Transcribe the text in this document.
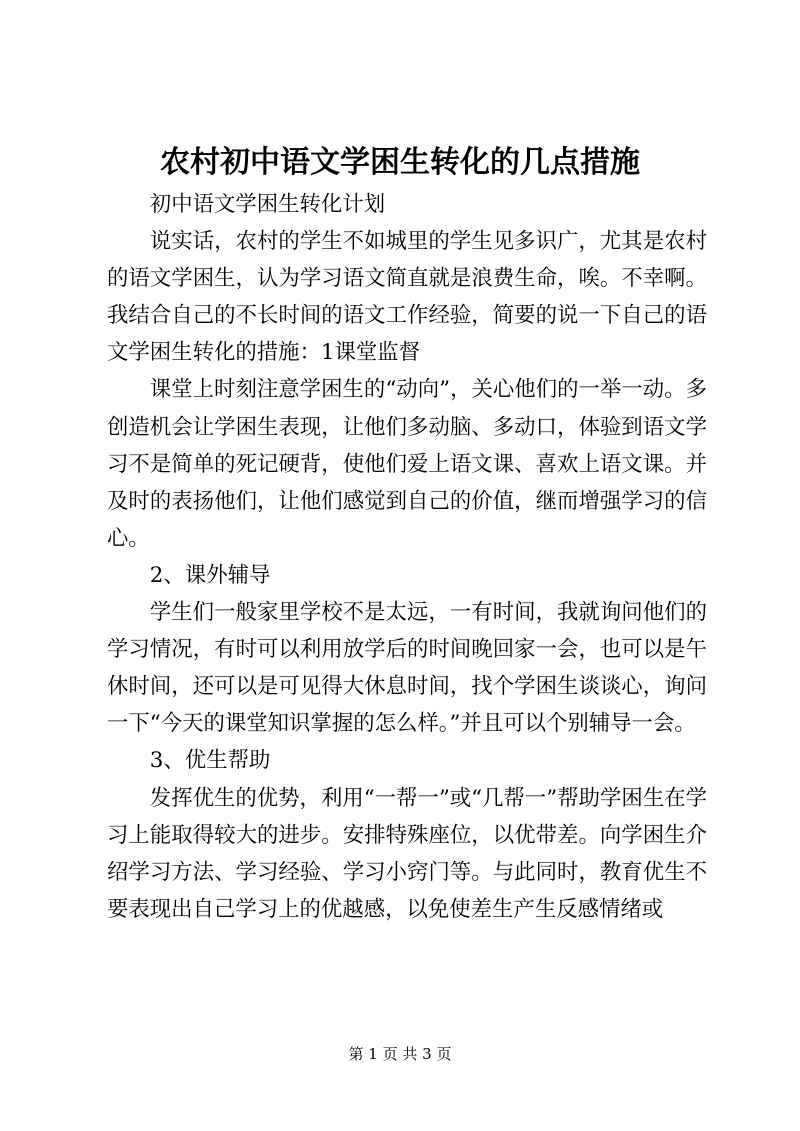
农村初中语文学困生转化的几点措施

初中语文学困生转化计划

说实话，农村的学生不如城里的学生见多识广，尤其是农村的语文学困生，认为学习语文简直就是浪费生命，唉。不幸啊。我结合自己的不长时间的语文工作经验，简要的说一下自己的语文学困生转化的措施：1课堂监督

课堂上时刻注意学困生的“动向”，关心他们的一举一动。多创造机会让学困生表现，让他们多动脑、多动口，体验到语文学习不是简单的死记硬背，使他们爱上语文课、喜欢上语文课。并及时的表扬他们，让他们感觉到自己的价值，继而增强学习的信心。

2、课外辅导

学生们一般家里学校不是太远，一有时间，我就询问他们的学习情况，有时可以利用放学后的时间晚回家一会，也可以是午休时间，还可以是可见得大休息时间，找个学困生谈谈心，询问一下“今天的课堂知识掌握的怎么样。”并且可以个别辅导一会。

3、优生帮助

发挥优生的优势，利用“一帮一”或“几帮一”帮助学困生在学习上能取得较大的进步。安排特殊座位，以优带差。向学困生介绍学习方法、学习经验、学习小窍门等。与此同时，教育优生不要表现出自己学习上的优越感，以免使差生产生反感情绪或

第 1 页 共 3 页
